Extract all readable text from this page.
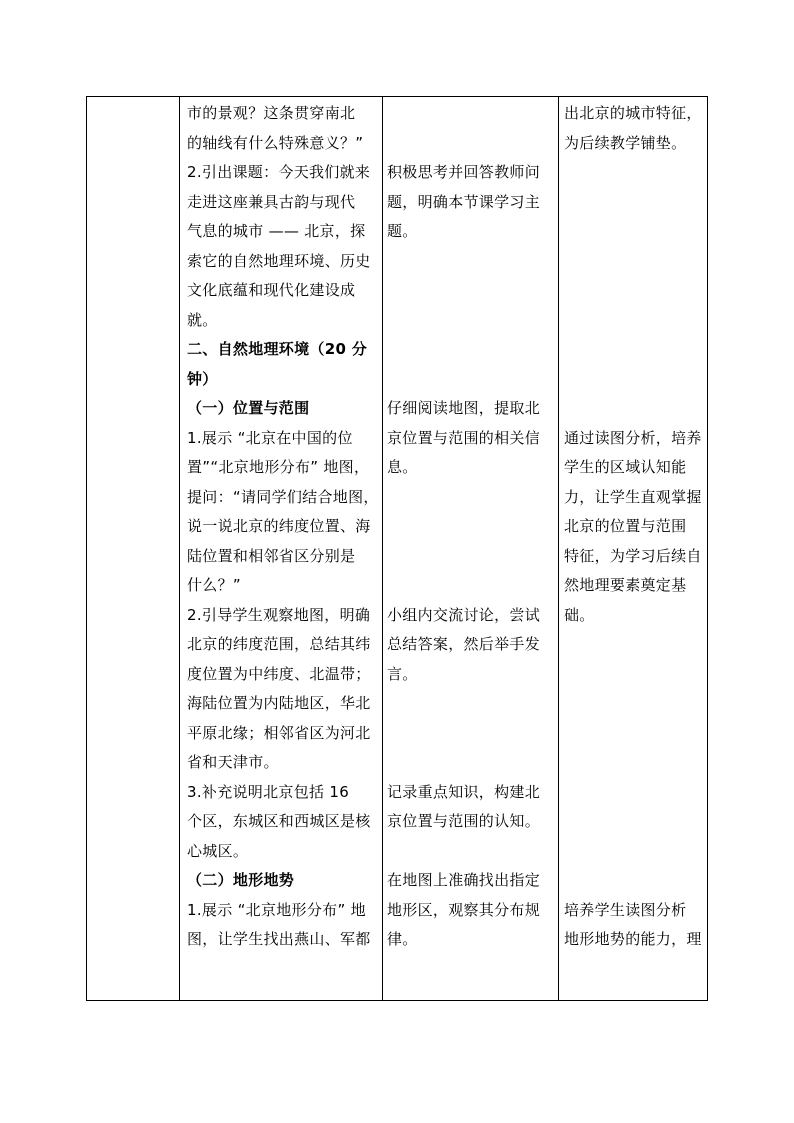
市的景观？这条贯穿南北

的轴线有什么特殊意义？”

2.引出课题：今天我们就来

走进这座兼具古韵与现代

气息的城市 —— 北京，探

索它的自然地理环境、历史

文化底蕴和现代化建设成

就。

二、自然地理环境（20 分

钟）

（一）位置与范围

1.展示 “北京在中国的位

置”“北京地形分布” 地图，

提问：“请同学们结合地图，

说一说北京的纬度位置、海

陆位置和相邻省区分别是

什么？”

2.引导学生观察地图，明确

北京的纬度范围，总结其纬

度位置为中纬度、北温带；

海陆位置为内陆地区，华北

平原北缘；相邻省区为河北

省和天津市。

3.补充说明北京包括 16

个区，东城区和西城区是核

心城区。

（二）地形地势

1.展示 “北京地形分布” 地

图，让学生找出燕山、军都

积极思考并回答教师问

题，明确本节课学习主

题。

仔细阅读地图，提取北

京位置与范围的相关信

息。

小组内交流讨论，尝试

总结答案，然后举手发

言。

记录重点知识，构建北

京位置与范围的认知。

在地图上准确找出指定

地形区，观察其分布规

律。

出北京的城市特征，

为后续教学铺垫。

通过读图分析，培养

学生的区域认知能

力，让学生直观掌握

北京的位置与范围

特征，为学习后续自

然地理要素奠定基

础。

培养学生读图分析

地形地势的能力，理
